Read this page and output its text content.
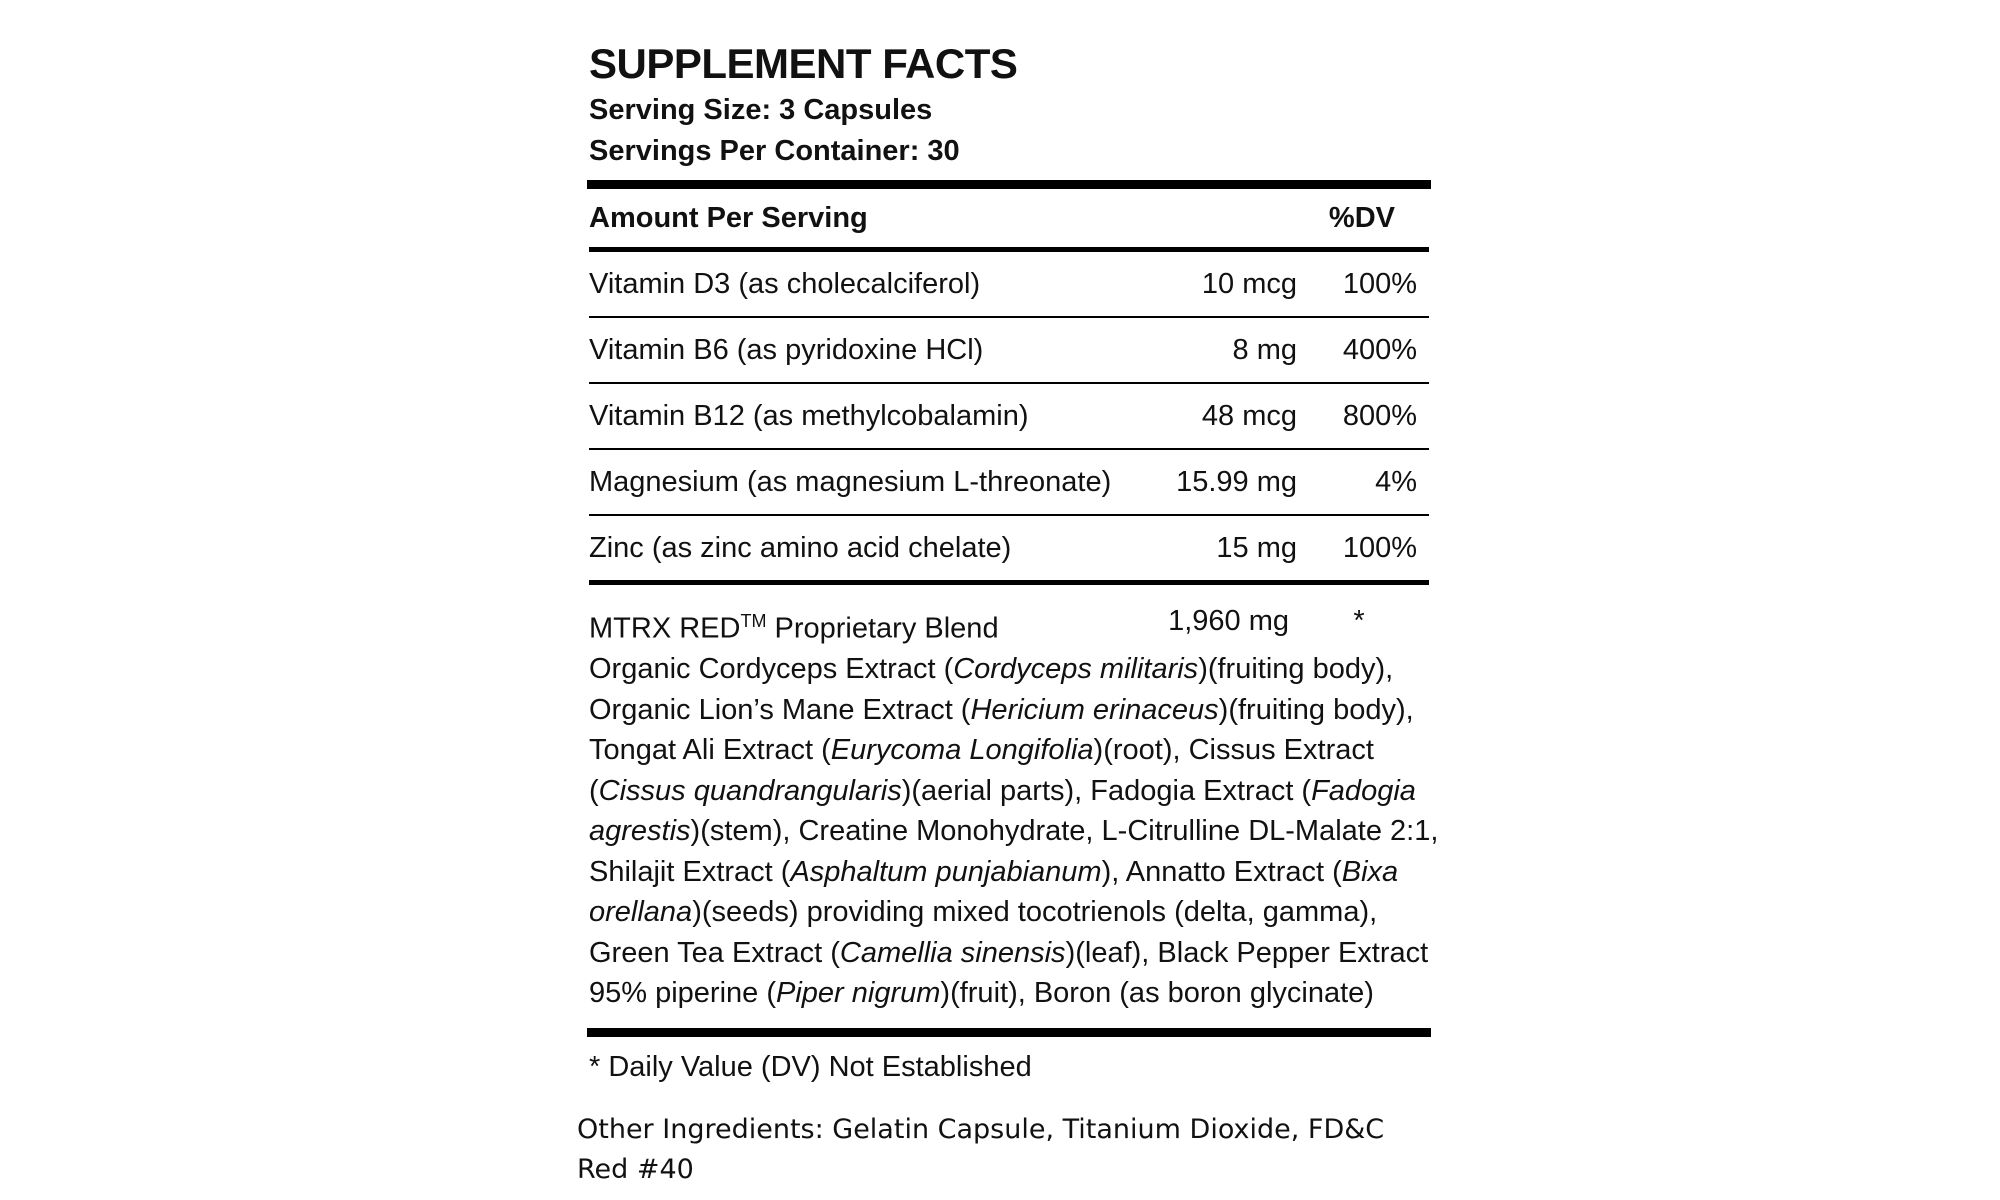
SUPPLEMENT FACTS
Serving Size: 3 Capsules
Servings Per Container: 30
Amount Per Serving	%DV
Vitamin D3 (as cholecalciferol)	10 mcg	100%
Vitamin B6 (as pyridoxine HCl)	8 mg	400%
Vitamin B12 (as methylcobalamin)	48 mcg	800%
Magnesium (as magnesium L-threonate)	15.99 mg	4%
Zinc (as zinc amino acid chelate)	15 mg	100%
MTRX RED™ Proprietary Blend	1,960 mg	*

Organic Cordyceps Extract (Cordyceps militaris)(fruiting body), Organic Lion’s Mane Extract (Hericium erinaceus)(fruiting body), Tongat Ali Extract (Eurycoma Longifolia)(root), Cissus Extract (Cissus quandrangularis)(aerial parts), Fadogia Extract (Fadogia agrestis)(stem), Creatine Monohydrate, L-Citrulline DL-Malate 2:1, Shilajit Extract (Asphaltum punjabianum), Annatto Extract (Bixa orellana)(seeds) providing mixed tocotrienols (delta, gamma), Green Tea Extract (Camellia sinensis)(leaf), Black Pepper Extract 95% piperine (Piper nigrum)(fruit), Boron (as boron glycinate)

* Daily Value (DV) Not Established
Other Ingredients: Gelatin Capsule, Titanium Dioxide, FD&C Red #40
